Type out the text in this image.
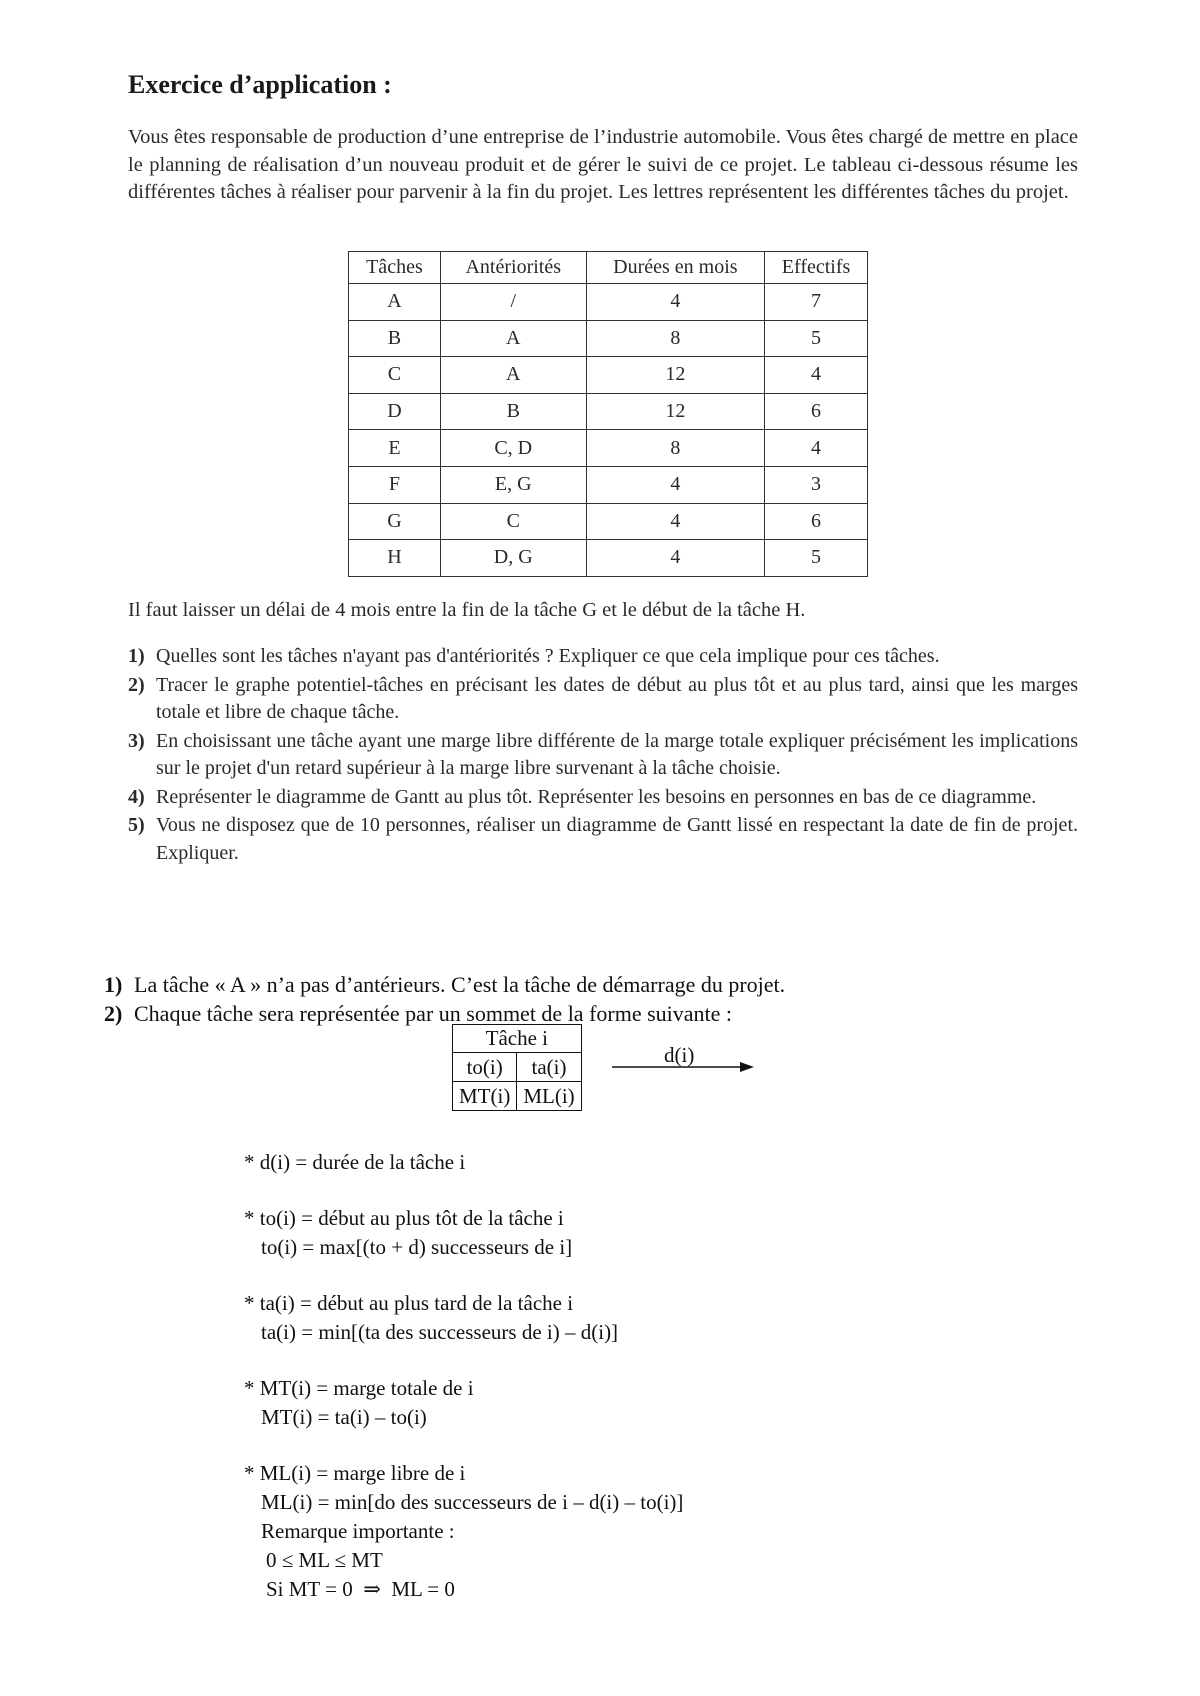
Exercice d’application :

Vous êtes responsable de production d’une entreprise de l’industrie automobile. Vous êtes chargé de mettre en place le planning de réalisation d’un nouveau produit et de gérer le suivi de ce projet. Le tableau ci-dessous résume les différentes tâches à réaliser pour parvenir à la fin du projet. Les lettres représentent les différentes tâches du projet.

Tâches	Antériorités	Durées en mois	Effectifs
A	/	4	7
B	A	8	5
C	A	12	4
D	B	12	6
E	C, D	8	4
F	E, G	4	3
G	C	4	6
H	D, G	4	5

Il faut laisser un délai de 4 mois entre la fin de la tâche G et le début de la tâche H.

1) Quelles sont les tâches n'ayant pas d'antériorités ? Expliquer ce que cela implique pour ces tâches.
2) Tracer le graphe potentiel-tâches en précisant les dates de début au plus tôt et au plus tard, ainsi que les marges totale et libre de chaque tâche.
3) En choisissant une tâche ayant une marge libre différente de la marge totale expliquer précisément les implications sur le projet d'un retard supérieur à la marge libre survenant à la tâche choisie.
4) Représenter le diagramme de Gantt au plus tôt. Représenter les besoins en personnes en bas de ce diagramme.
5) Vous ne disposez que de 10 personnes, réaliser un diagramme de Gantt lissé en respectant la date de fin de projet. Expliquer.
1) La tâche « A » n’a pas d’antérieurs. C’est la tâche de démarrage du projet.
2) Chaque tâche sera représentée par un sommet de la forme suivante :
Tâche i	
to(i)	ta(i)
MT(i)	ML(i)
d(i)
* d(i) = durée de la tâche i
* to(i) = début au plus tôt de la tâche i
to(i) = max[(to + d) successeurs de i]
* ta(i) = début au plus tard de la tâche i
ta(i) = min[(ta des successeurs de i) – d(i)]
* MT(i) = marge totale de i
MT(i) = ta(i) – to(i)
* ML(i) = marge libre de i
ML(i) = min[do des successeurs de i – d(i) – to(i)]
Remarque importante :
0 ≤ ML ≤ MT
Si MT = 0  ⇒  ML = 0
